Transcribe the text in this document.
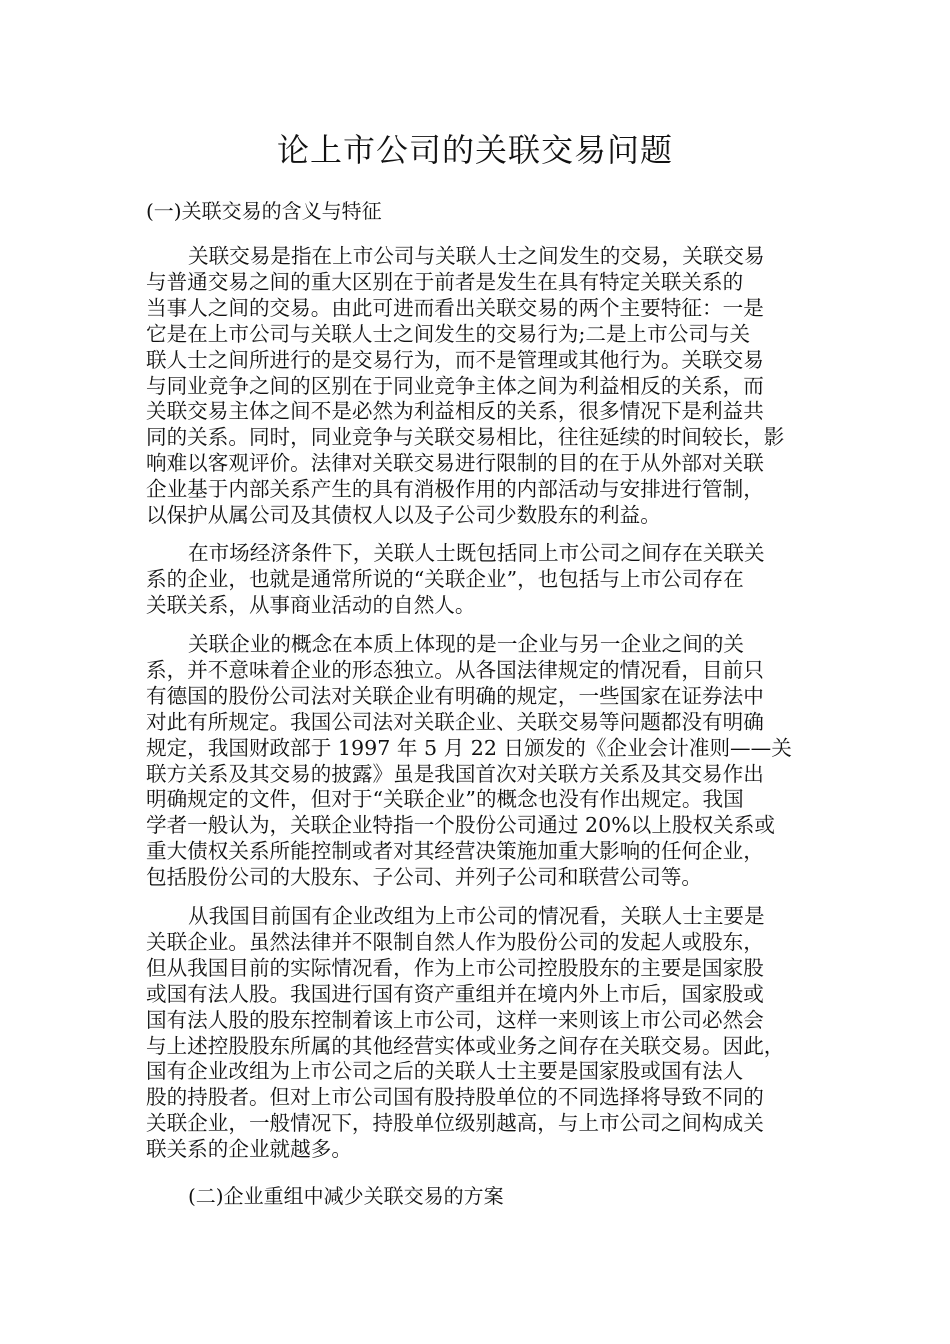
论上市公司的关联交易问题
(一)关联交易的含义与特征
关联交易是指在上市公司与关联人士之间发生的交易，关联交易
与普通交易之间的重大区别在于前者是发生在具有特定关联关系的
当事人之间的交易。由此可进而看出关联交易的两个主要特征：一是
它是在上市公司与关联人士之间发生的交易行为;二是上市公司与关
联人士之间所进行的是交易行为，而不是管理或其他行为。关联交易
与同业竞争之间的区别在于同业竞争主体之间为利益相反的关系，而
关联交易主体之间不是必然为利益相反的关系，很多情况下是利益共
同的关系。同时，同业竞争与关联交易相比，往往延续的时间较长，影
响难以客观评价。法律对关联交易进行限制的目的在于从外部对关联
企业基于内部关系产生的具有消极作用的内部活动与安排进行管制，
以保护从属公司及其债权人以及子公司少数股东的利益。
在市场经济条件下，关联人士既包括同上市公司之间存在关联关
系的企业，也就是通常所说的“关联企业”，也包括与上市公司存在
关联关系，从事商业活动的自然人。
关联企业的概念在本质上体现的是一企业与另一企业之间的关
系，并不意味着企业的形态独立。从各国法律规定的情况看，目前只
有德国的股份公司法对关联企业有明确的规定，一些国家在证券法中
对此有所规定。我国公司法对关联企业、关联交易等问题都没有明确
规定，我国财政部于 1997 年 5 月 22 日颁发的《企业会计准则——关
联方关系及其交易的披露》虽是我国首次对关联方关系及其交易作出
明确规定的文件，但对于“关联企业”的概念也没有作出规定。我国
学者一般认为，关联企业特指一个股份公司通过 20%以上股权关系或
重大债权关系所能控制或者对其经营决策施加重大影响的任何企业，
包括股份公司的大股东、子公司、并列子公司和联营公司等。
从我国目前国有企业改组为上市公司的情况看，关联人士主要是
关联企业。虽然法律并不限制自然人作为股份公司的发起人或股东，
但从我国目前的实际情况看，作为上市公司控股股东的主要是国家股
或国有法人股。我国进行国有资产重组并在境内外上市后，国家股或
国有法人股的股东控制着该上市公司，这样一来则该上市公司必然会
与上述控股股东所属的其他经营实体或业务之间存在关联交易。因此，
国有企业改组为上市公司之后的关联人士主要是国家股或国有法人
股的持股者。但对上市公司国有股持股单位的不同选择将导致不同的
关联企业，一般情况下，持股单位级别越高，与上市公司之间构成关
联关系的企业就越多。
(二)企业重组中减少关联交易的方案
